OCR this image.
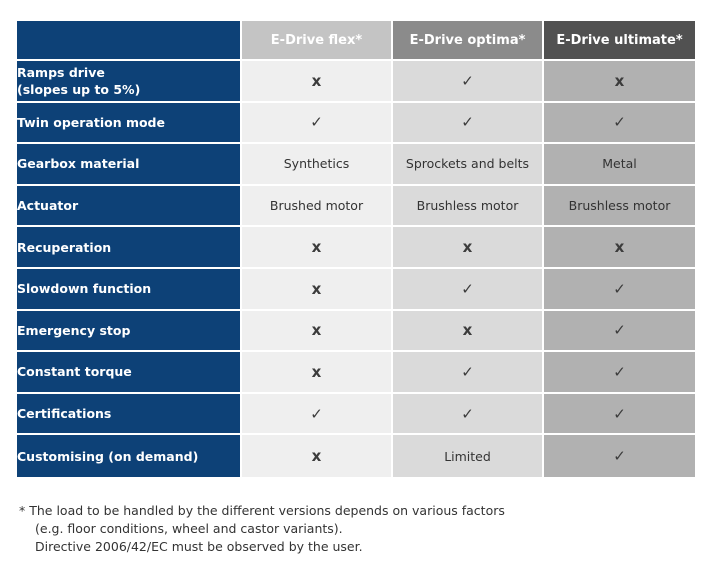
	E-Drive flex*	E-Drive optima*	E-Drive ultimate*

Ramps drive
(slopes up to 5%)	x	✓	x

Twin operation mode	✓	✓	✓

Gearbox material	Synthetics	Sprockets and belts	Metal

Actuator	Brushed motor	Brushless motor	Brushless motor

Recuperation	x	x	x

Slowdown function	x	✓	✓

Emergency stop	x	x	✓

Constant torque	x	✓	✓

Certifications	✓	✓	✓

Customising (on demand)	x	Limited	✓
* The load to be handled by the different versions depends on various factors
(e.g. floor conditions, wheel and castor variants).
Directive 2006/42/EC must be observed by the user.
